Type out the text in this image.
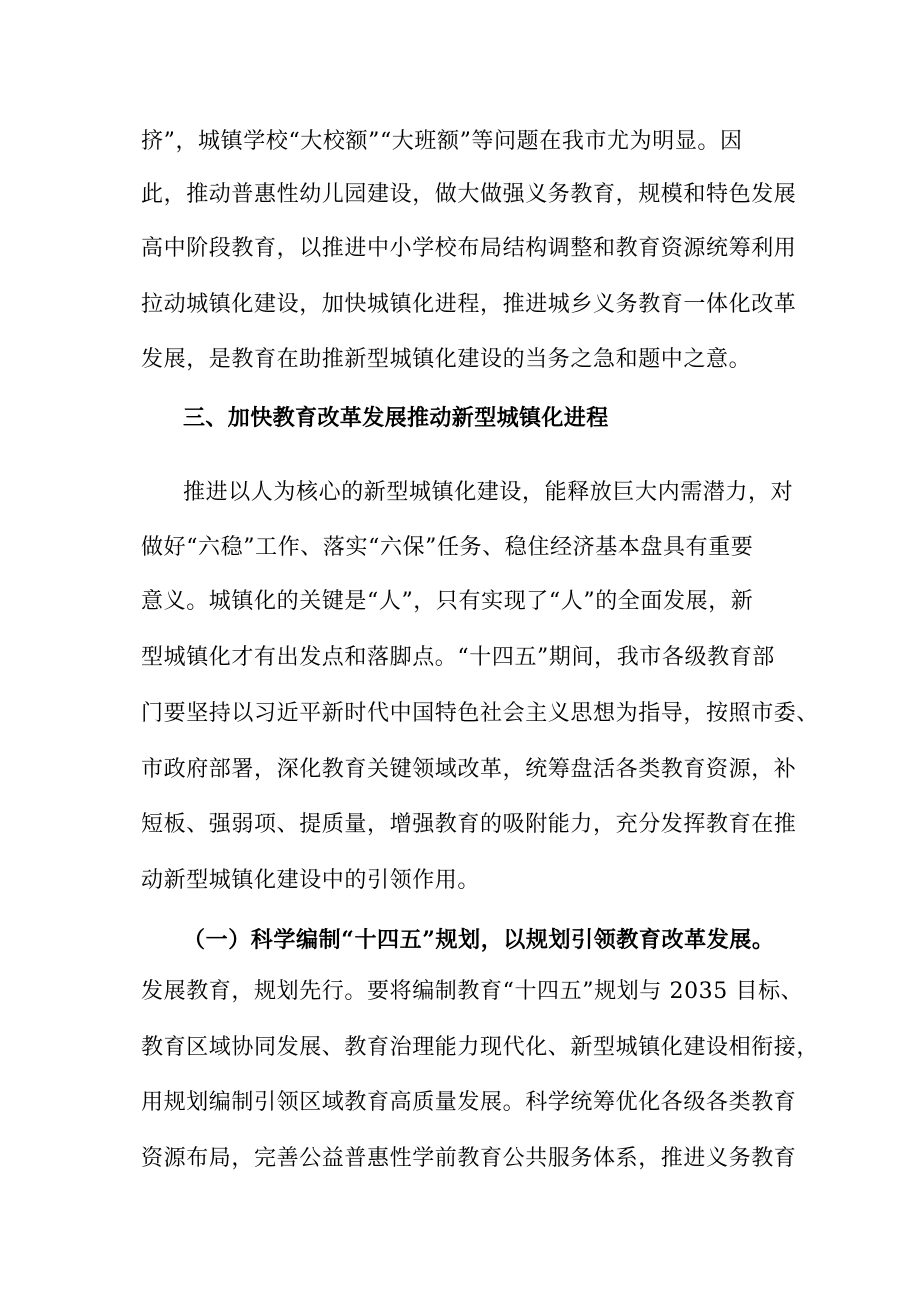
挤”，城镇学校“大校额”“大班额”等问题在我市尤为明显。因
此，推动普惠性幼儿园建设，做大做强义务教育，规模和特色发展
高中阶段教育，以推进中小学校布局结构调整和教育资源统筹利用
拉动城镇化建设，加快城镇化进程，推进城乡义务教育一体化改革
发展，是教育在助推新型城镇化建设的当务之急和题中之意。
三、加快教育改革发展推动新型城镇化进程
推进以人为核心的新型城镇化建设，能释放巨大内需潜力，对
做好“六稳”工作、落实“六保”任务、稳住经济基本盘具有重要
意义。城镇化的关键是“人”，只有实现了“人”的全面发展，新
型城镇化才有出发点和落脚点。“十四五”期间，我市各级教育部
门要坚持以习近平新时代中国特色社会主义思想为指导，按照市委、
市政府部署，深化教育关键领域改革，统筹盘活各类教育资源，补
短板、强弱项、提质量，增强教育的吸附能力，充分发挥教育在推
动新型城镇化建设中的引领作用。
（一）科学编制“十四五”规划，以规划引领教育改革发展。
发展教育，规划先行。要将编制教育“十四五”规划与 2035 目标、
教育区域协同发展、教育治理能力现代化、新型城镇化建设相衔接，
用规划编制引领区域教育高质量发展。科学统筹优化各级各类教育
资源布局，完善公益普惠性学前教育公共服务体系，推进义务教育
